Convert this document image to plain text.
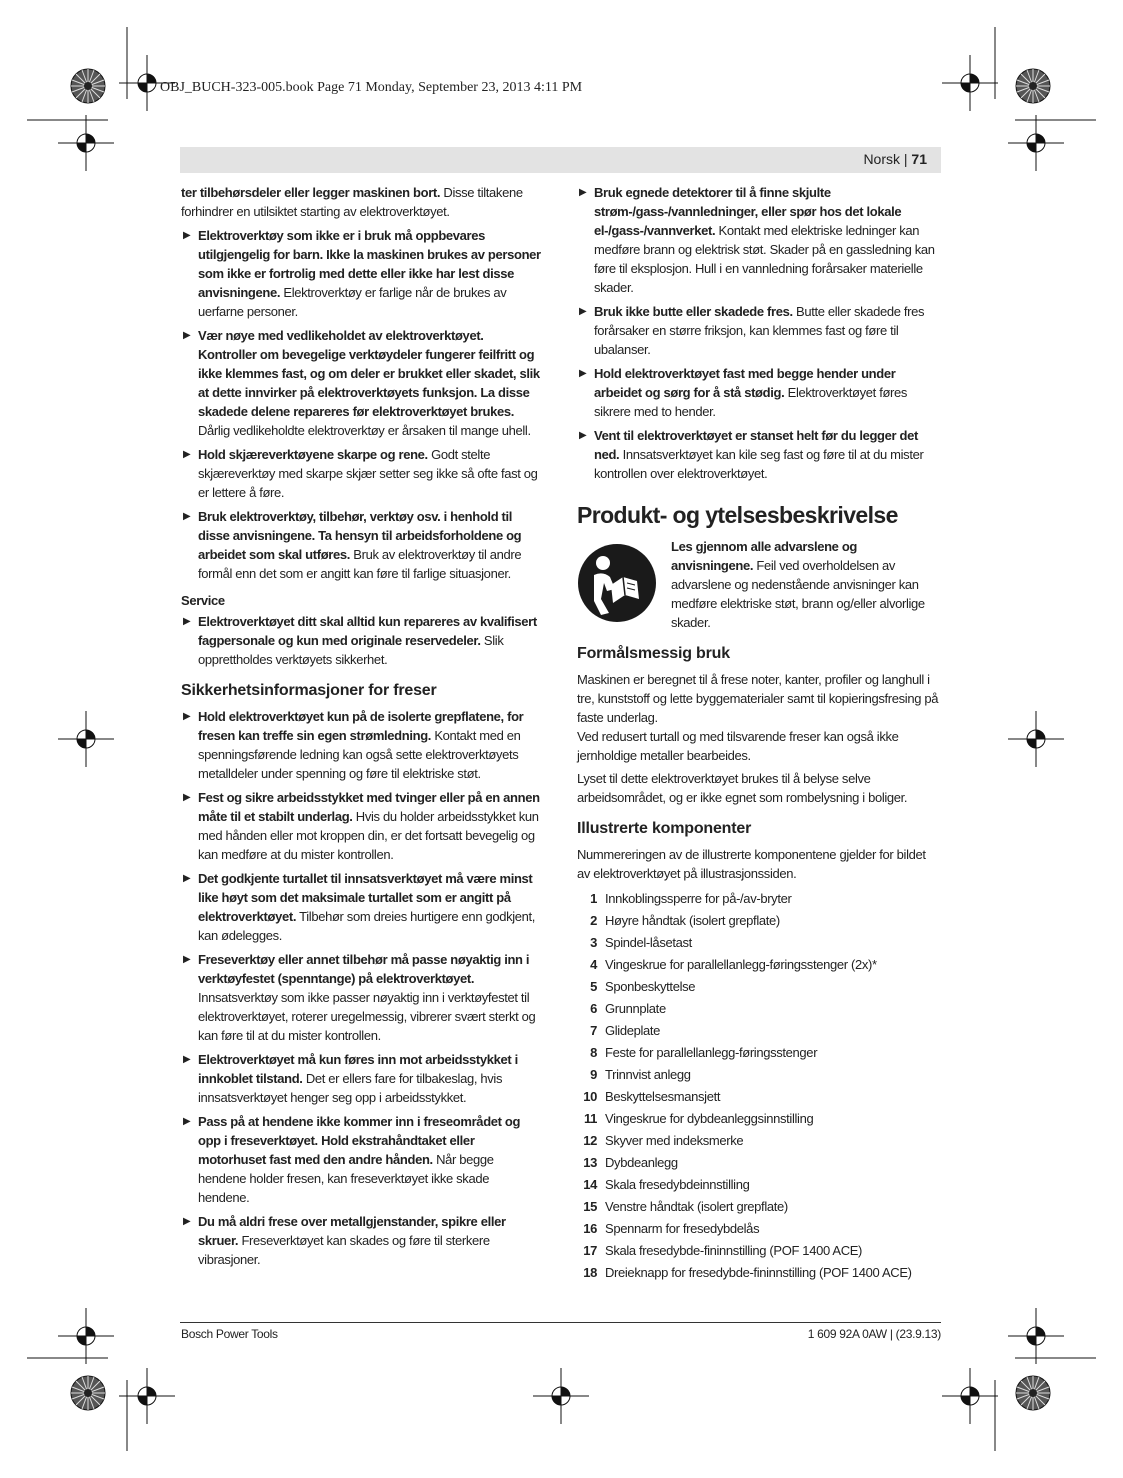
OBJ_BUCH-323-005.book Page 71 Monday, September 23, 2013 4:11 PM
Norsk | 71
ter tilbehørsdeler eller legger maskinen bort. Disse tiltakene forhindrer en utilsiktet starting av elektroverktøyet.
▶ Elektroverktøy som ikke er i bruk må oppbevares utilgjengelig for barn. Ikke la maskinen brukes av personer som ikke er fortrolig med dette eller ikke har lest disse anvisningene. Elektroverktøy er farlige når de brukes av uerfarne personer.
▶ Vær nøye med vedlikeholdet av elektroverktøyet. Kontroller om bevegelige verktøydeler fungerer feilfritt og ikke klemmes fast, og om deler er brukket eller skadet, slik at dette innvirker på elektroverktøyets funksjon. La disse skadede delene repareres før elektroverktøyet brukes. Dårlig vedlikeholdte elektroverktøy er årsaken til mange uhell.
▶ Hold skjæreverktøyene skarpe og rene. Godt stelte skjæreverktøy med skarpe skjær setter seg ikke så ofte fast og er lettere å føre.
▶ Bruk elektroverktøy, tilbehør, verktøy osv. i henhold til disse anvisningene. Ta hensyn til arbeidsforholdene og arbeidet som skal utføres. Bruk av elektroverktøy til andre formål enn det som er angitt kan føre til farlige situasjoner.
Service
▶ Elektroverktøyet ditt skal alltid kun repareres av kvalifisert fagpersonale og kun med originale reservedeler. Slik opprettholdes verktøyets sikkerhet.
Sikkerhetsinformasjoner for freser
▶ Hold elektroverktøyet kun på de isolerte grepflatene, for fresen kan treffe sin egen strømledning. Kontakt med en spenningsførende ledning kan også sette elektroverktøyets metalldeler under spenning og føre til elektriske støt.
▶ Fest og sikre arbeidsstykket med tvinger eller på en annen måte til et stabilt underlag. Hvis du holder arbeidsstykket kun med hånden eller mot kroppen din, er det fortsatt bevegelig og kan medføre at du mister kontrollen.
▶ Det godkjente turtallet til innsatsverktøyet må være minst like høyt som det maksimale turtallet som er angitt på elektroverktøyet. Tilbehør som dreies hurtigere enn godkjent, kan ødelegges.
▶ Freseverktøy eller annet tilbehør må passe nøyaktig inn i verktøyfestet (spenntange) på elektroverktøyet. Innsatsverktøy som ikke passer nøyaktig inn i verktøyfestet til elektroverktøyet, roterer uregelmessig, vibrerer svært sterkt og kan føre til at du mister kontrollen.
▶ Elektroverktøyet må kun føres inn mot arbeidsstykket i innkoblet tilstand. Det er ellers fare for tilbakeslag, hvis innsatsverktøyet henger seg opp i arbeidsstykket.
▶ Pass på at hendene ikke kommer inn i freseområdet og opp i freseverktøyet. Hold ekstrahåndtaket eller motorhuset fast med den andre hånden. Når begge hendene holder fresen, kan freseverktøyet ikke skade hendene.
▶ Du må aldri frese over metallgjenstander, spikre eller skruer. Freseverktøyet kan skades og føre til sterkere vibrasjoner.
▶ Bruk egnede detektorer til å finne skjulte strøm-/gass-/vannledninger, eller spør hos det lokale el-/gass-/vannverket. Kontakt med elektriske ledninger kan medføre brann og elektrisk støt. Skader på en gassledning kan føre til eksplosjon. Hull i en vannledning forårsaker materielle skader.
▶ Bruk ikke butte eller skadede fres. Butte eller skadede fres forårsaker en større friksjon, kan klemmes fast og føre til ubalanser.
▶ Hold elektroverktøyet fast med begge hender under arbeidet og sørg for å stå stødig. Elektroverktøyet føres sikrere med to hender.
▶ Vent til elektroverktøyet er stanset helt før du legger det ned. Innsatsverktøyet kan kile seg fast og føre til at du mister kontrollen over elektroverktøyet.
Produkt- og ytelsesbeskrivelse
Les gjennom alle advarslene og anvisningene. Feil ved overholdelsen av advarslene og nedenstående anvisninger kan medføre elektriske støt, brann og/eller alvorlige skader.
Formålsmessig bruk
Maskinen er beregnet til å frese noter, kanter, profiler og langhull i tre, kunststoff og lette byggematerialer samt til kopieringsfresing på faste underlag.
Ved redusert turtall og med tilsvarende freser kan også ikke jernholdige metaller bearbeides.
Lyset til dette elektroverktøyet brukes til å belyse selve arbeidsområdet, og er ikke egnet som rombelysning i boliger.
Illustrerte komponenter
Nummereringen av de illustrerte komponentene gjelder for bildet av elektroverktøyet på illustrasjonssiden.
1 Innkoblingssperre for på-/av-bryter
2 Høyre håndtak (isolert grepflate)
3 Spindel-låsetast
4 Vingeskrue for parallellanlegg-føringsstenger (2x)*
5 Sponbeskyttelse
6 Grunnplate
7 Glideplate
8 Feste for parallellanlegg-føringsstenger
9 Trinnvist anlegg
10 Beskyttelsesmansjett
11 Vingeskrue for dybdeanleggsinnstilling
12 Skyver med indeksmerke
13 Dybdeanlegg
14 Skala fresedybdeinnstilling
15 Venstre håndtak (isolert grepflate)
16 Spennarm for fresedybdelås
17 Skala fresedybde-fininnstilling (POF 1400 ACE)
18 Dreieknapp for fresedybde-fininnstilling (POF 1400 ACE)
Bosch Power Tools	1 609 92A 0AW | (23.9.13)
